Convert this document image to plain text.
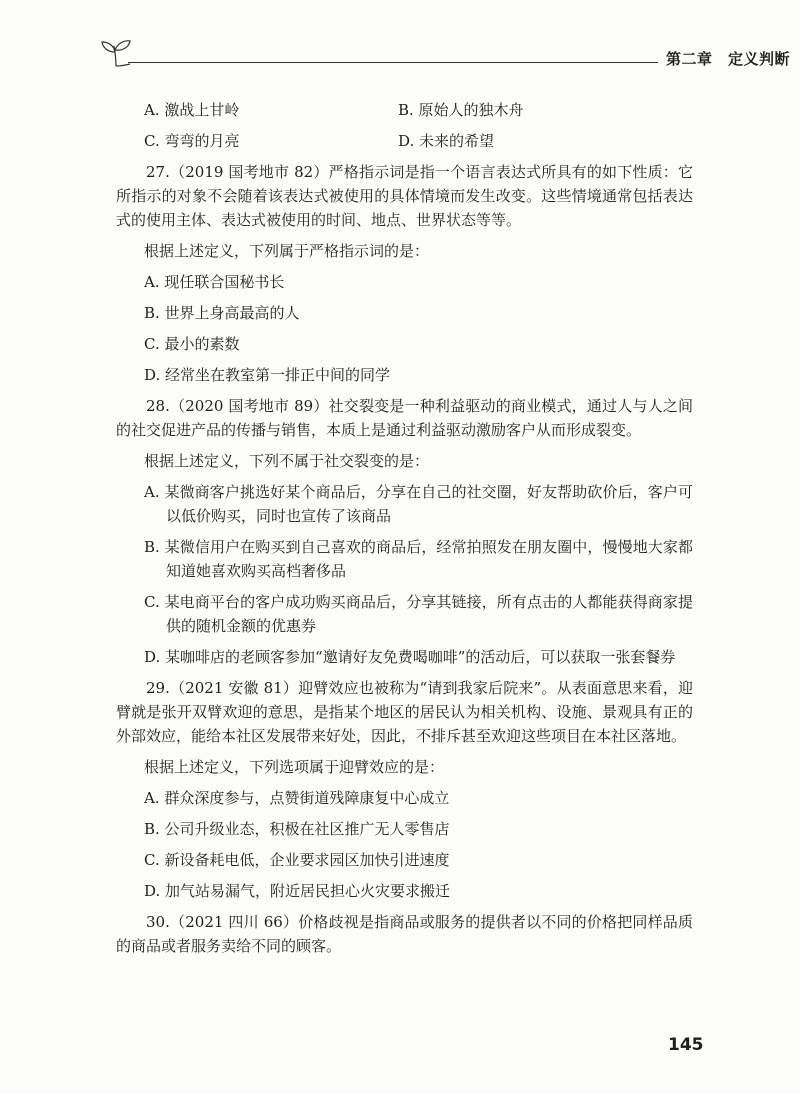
第二章　定义判断
A. 激战上甘岭	B. 原始人的独木舟
C. 弯弯的月亮	D. 未来的希望
27.（2019 国考地市 82）严格指示词是指一个语言表达式所具有的如下性质：它所指示的对象不会随着该表达式被使用的具体情境而发生改变。这些情境通常包括表达式的使用主体、表达式被使用的时间、地点、世界状态等等。
根据上述定义，下列属于严格指示词的是：
A. 现任联合国秘书长
B. 世界上身高最高的人
C. 最小的素数
D. 经常坐在教室第一排正中间的同学
28.（2020 国考地市 89）社交裂变是一种利益驱动的商业模式，通过人与人之间的社交促进产品的传播与销售，本质上是通过利益驱动激励客户从而形成裂变。
根据上述定义，下列不属于社交裂变的是：
A. 某微商客户挑选好某个商品后，分享在自己的社交圈，好友帮助砍价后，客户可以低价购买，同时也宣传了该商品
B. 某微信用户在购买到自己喜欢的商品后，经常拍照发在朋友圈中，慢慢地大家都知道她喜欢购买高档奢侈品
C. 某电商平台的客户成功购买商品后，分享其链接，所有点击的人都能获得商家提供的随机金额的优惠券
D. 某咖啡店的老顾客参加“邀请好友免费喝咖啡”的活动后，可以获取一张套餐券
29.（2021 安徽 81）迎臂效应也被称为“请到我家后院来”。从表面意思来看，迎臂就是张开双臂欢迎的意思，是指某个地区的居民认为相关机构、设施、景观具有正的外部效应，能给本社区发展带来好处，因此，不排斥甚至欢迎这些项目在本社区落地。
根据上述定义，下列选项属于迎臂效应的是：
A. 群众深度参与，点赞街道残障康复中心成立
B. 公司升级业态，积极在社区推广无人零售店
C. 新设备耗电低，企业要求园区加快引进速度
D. 加气站易漏气，附近居民担心火灾要求搬迁
30.（2021 四川 66）价格歧视是指商品或服务的提供者以不同的价格把同样品质的商品或者服务卖给不同的顾客。
145
